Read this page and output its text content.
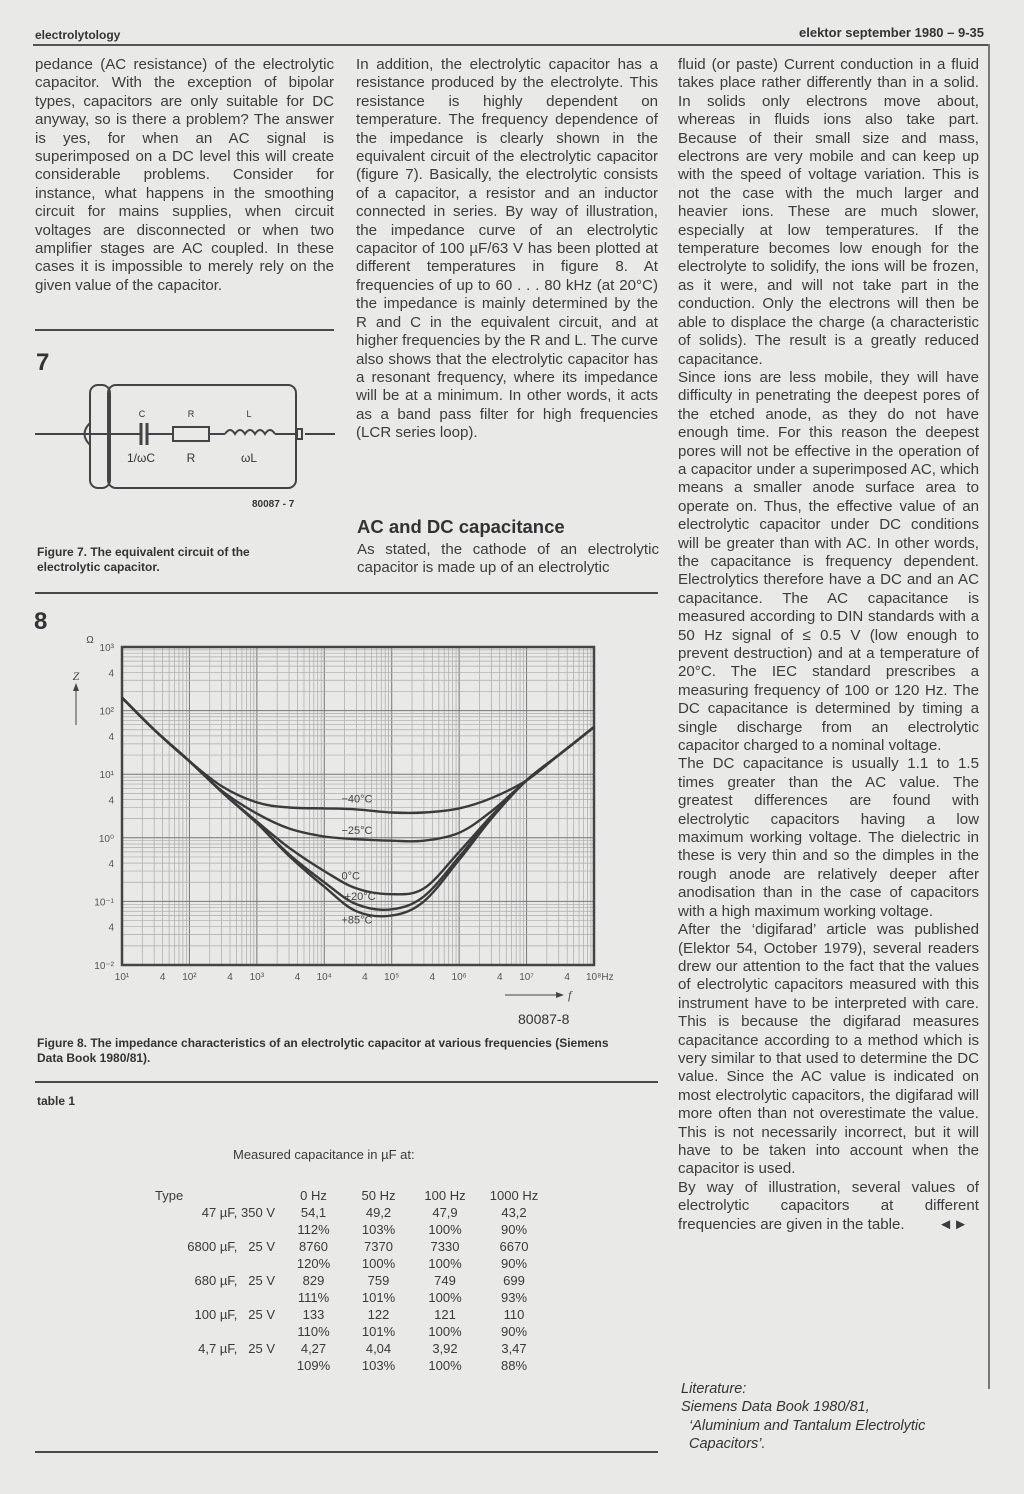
electrolytology	elektor september 1980 – 9-35

pedance (AC resistance) of the electrolytic capacitor. With the exception of bipolar types, capacitors are only suitable for DC anyway, so is there a problem? The answer is yes, for when an AC signal is superimposed on a DC level this will create considerable problems. Consider for instance, what happens in the smoothing circuit for mains supplies, when circuit voltages are disconnected or when two amplifier stages are AC coupled. In these cases it is impossible to merely rely on the given value of the capacitor.

7
C	R	L
1/ωC	R	ωL
80087 - 7
Figure 7. The equivalent circuit of the electrolytic capacitor.

In addition, the electrolytic capacitor has a resistance produced by the electrolyte. This resistance is highly dependent on temperature. The frequency dependence of the impedance is clearly shown in the equivalent circuit of the electrolytic capacitor (figure 7). Basically, the electrolytic consists of a capacitor, a resistor and an inductor connected in series. By way of illustration, the impedance curve of an electrolytic capacitor of 100 µF/63 V has been plotted at different temperatures in figure 8. At frequencies of up to 60 . . . 80 kHz (at 20°C) the impedance is mainly determined by the R and C in the equivalent circuit, and at higher frequencies by the R and L. The curve also shows that the electrolytic capacitor has a resonant frequency, where its impedance will be at a minimum. In other words, it acts as a band pass filter for high frequencies (LCR series loop).

AC and DC capacitance
As stated, the cathode of an electrolytic capacitor is made up of an electrolytic
8
10³
4
10²
4
10¹
4
10⁰
4
10⁻¹
4
10⁻²
10¹	4 10²	4 10³	4 10⁴	4 10⁵	4 10⁶	4 10⁷	4 10⁸Hz
−40°C
−25°C
0°C
+20°C
+85°C
Ω
Z
f
80087-8
Figure 8. The impedance characteristics of an electrolytic capacitor at various frequencies (Siemens Data Book 1980/81).
table 1
Measured capacitance in µF at:
Type	0 Hz	50 Hz	100 Hz	1000 Hz
47 µF, 350 V	54,1	49,2	47,9	43,2
	112%	103%	100%	90%
6800 µF,   25 V	8760	7370	7330	6670
	120%	100%	100%	90%
680 µF,   25 V	829	759	749	699
	111%	101%	100%	93%
100 µF,   25 V	133	122	121	110
	110%	101%	100%	90%
4,7 µF,   25 V	4,27	4,04	3,92	3,47
	109%	103%	100%	88%

fluid (or paste) Current conduction in a fluid takes place rather differently than in a solid. In solids only electrons move about, whereas in fluids ions also take part. Because of their small size and mass, electrons are very mobile and can keep up with the speed of voltage variation. This is not the case with the much larger and heavier ions. These are much slower, especially at low temperatures. If the temperature becomes low enough for the electrolyte to solidify, the ions will be frozen, as it were, and will not take part in the conduction. Only the electrons will then be able to displace the charge (a characteristic of solids). The result is a greatly reduced capacitance.

Since ions are less mobile, they will have difficulty in penetrating the deepest pores of the etched anode, as they do not have enough time. For this reason the deepest pores will not be effective in the operation of a capacitor under a superimposed AC, which means a smaller anode surface area to operate on. Thus, the effective value of an electrolytic capacitor under DC conditions will be greater than with AC. In other words, the capacitance is frequency dependent. Electrolytics therefore have a DC and an AC capacitance. The AC capacitance is measured according to DIN standards with a 50 Hz signal of ≤ 0.5 V (low enough to prevent destruction) and at a temperature of 20°C. The IEC standard prescribes a measuring frequency of 100 or 120 Hz. The DC capacitance is determined by timing a single discharge from an electrolytic capacitor charged to a nominal voltage.

The DC capacitance is usually 1.1 to 1.5 times greater than the AC value. The greatest differences are found with electrolytic capacitors having a low maximum working voltage. The dielectric in these is very thin and so the dimples in the rough anode are relatively deeper after anodisation than in the case of capacitors with a high maximum working voltage.

After the ‘digifarad’ article was published (Elektor 54, October 1979), several readers drew our attention to the fact that the values of electrolytic capacitors measured with this instrument have to be interpreted with care. This is because the digifarad measures capacitance according to a method which is very similar to that used to determine the DC value. Since the AC value is indicated on most electrolytic capacitors, the digifarad will more often than not overestimate the value. This is not necessarily incorrect, but it will have to be taken into account when the capacitor is used.

By way of illustration, several values of electrolytic capacitors at different frequencies are given in the table. ◄►

Literature:
Siemens Data Book 1980/81,
‘Aluminium and Tantalum Electrolytic
Capacitors’.
